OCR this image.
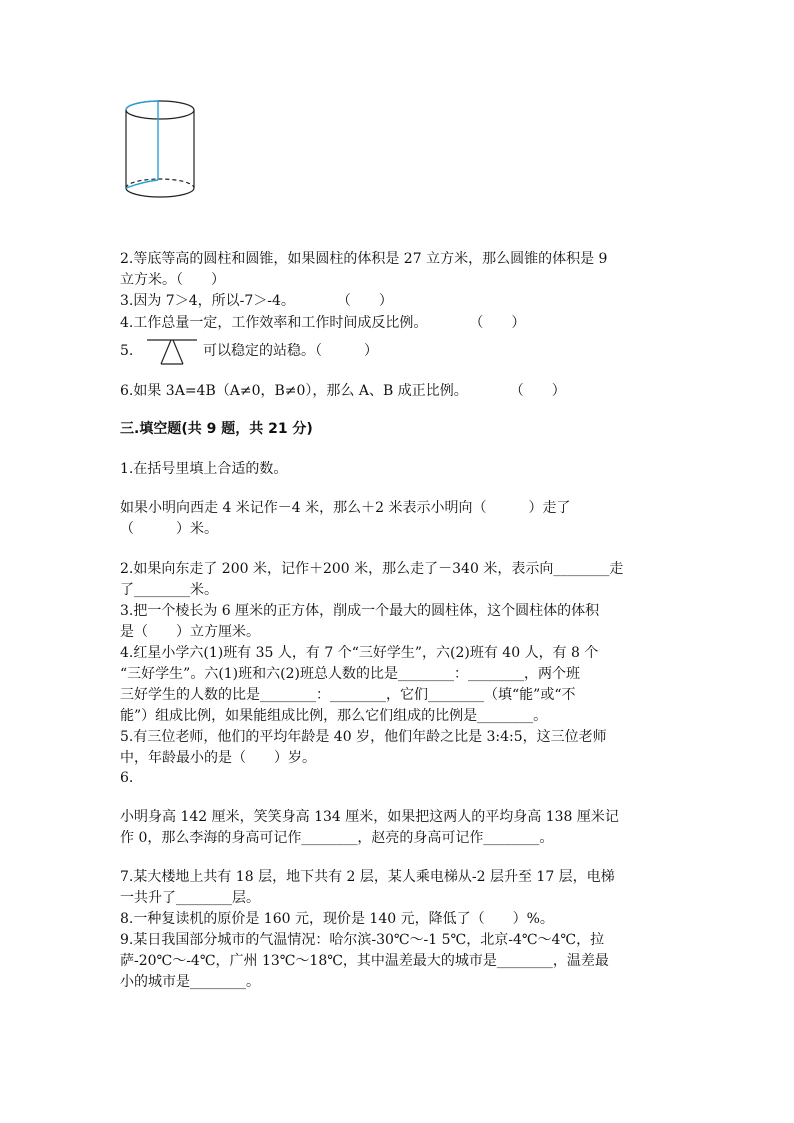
2.等底等高的圆柱和圆锥，如果圆柱的体积是 27 立方米，那么圆锥的体积是 9
立方米。（　　）
3.因为 7＞4，所以-7＞-4。　　　　（　　）
4.工作总量一定，工作效率和工作时间成反比例。　　　　（　　）
5.	可以稳定的站稳。（　　　）
6.如果 3A=4B（A≠0，B≠0），那么 A、B 成正比例。　　　　（　　）
三.填空题(共 9 题，共 21 分)
1.在括号里填上合适的数。
如果小明向西走 4 米记作－4 米，那么＋2 米表示小明向（　　　）走了
（　　　）米。
2.如果向东走了 200 米，记作＋200 米，那么走了－340 米，表示向________走
了________米。
3.把一个棱长为 6 厘米的正方体，削成一个最大的圆柱体，这个圆柱体的体积
是（　　）立方厘米。
4.红星小学六(1)班有 35 人，有 7 个“三好学生”，六(2)班有 40 人，有 8 个
“三好学生”。六(1)班和六(2)班总人数的比是________：________，两个班
三好学生的人数的比是________：________，它们________（填“能”或“不
能”）组成比例，如果能组成比例，那么它们组成的比例是________。
5.有三位老师，他们的平均年龄是 40 岁，他们年龄之比是 3:4:5，这三位老师
中，年龄最小的是（　　）岁。
6.
小明身高 142 厘米，笑笑身高 134 厘米，如果把这两人的平均身高 138 厘米记
作 0，那么李海的身高可记作________，赵亮的身高可记作________。
7.某大楼地上共有 18 层，地下共有 2 层，某人乘电梯从-2 层升至 17 层，电梯
一共升了________层。
8.一种复读机的原价是 160 元，现价是 140 元，降低了（　　）%。
9.某日我国部分城市的气温情况：哈尔滨-30℃～-1 5℃，北京-4℃～4℃，拉
萨-20℃～-4℃，广州 13℃～18℃，其中温差最大的城市是________，温差最
小的城市是________。
